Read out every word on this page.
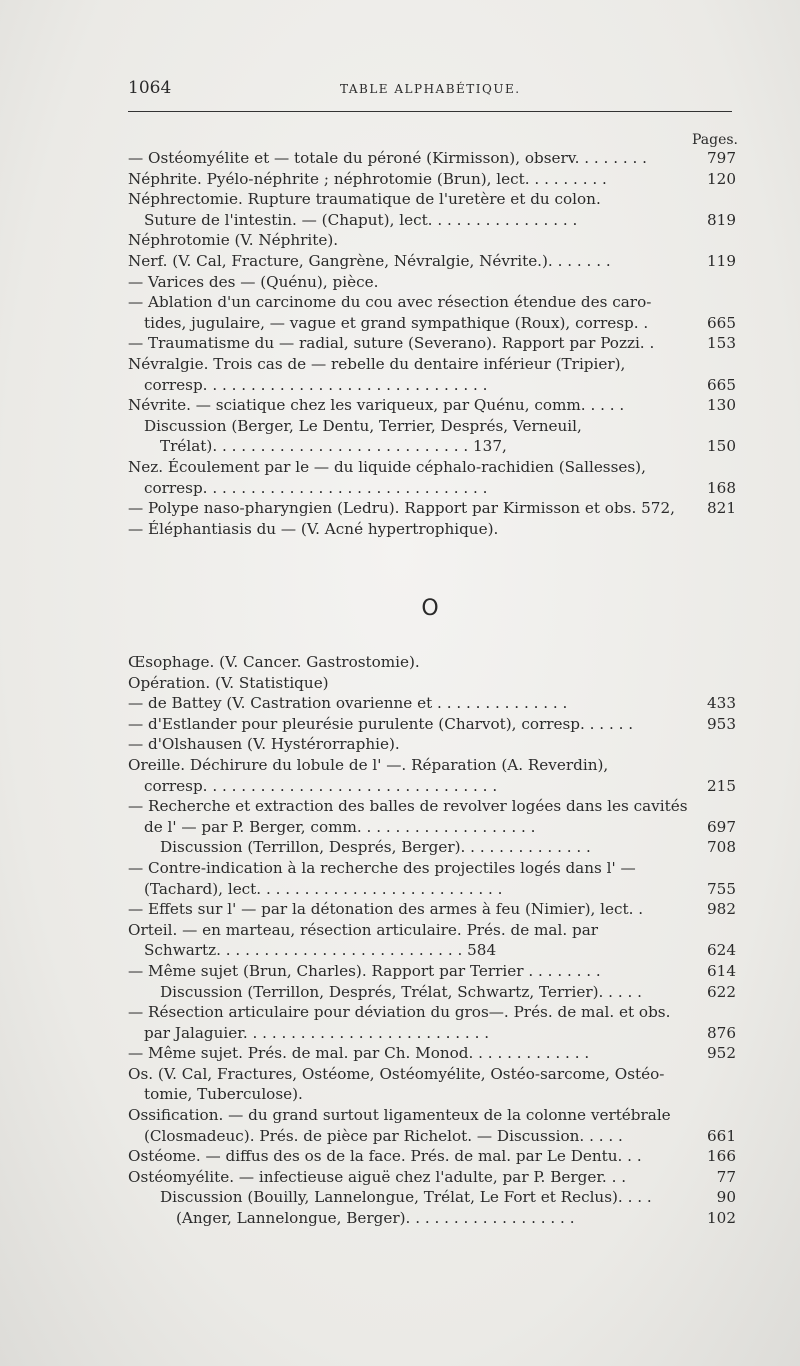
1064	TABLE ALPHABÉTIQUE.
Pages.
— Ostéomyélite et — totale du péroné (Kirmisson), observ. . . . . . . .	797
Néphrite. Pyélo-néphrite ; néphrotomie (Brun), lect. . . . . . . . .	120
Néphrectomie. Rupture traumatique de l'uretère et du colon.
Suture de l'intestin. — (Chaput), lect. . . . . . . . . . . . . . . .	819
Néphrotomie (V. Néphrite).
Nerf. (V. Cal, Fracture, Gangrène, Névralgie, Névrite.). . . . . . .	119
— Varices des — (Quénu), pièce.
— Ablation d'un carcinome du cou avec résection étendue des caro-
tides, jugulaire, — vague et grand sympathique (Roux), corresp. .	665
— Traumatisme du — radial, suture (Severano). Rapport par Pozzi. .	153
Névralgie. Trois cas de — rebelle du dentaire inférieur (Tripier),
corresp. . . . . . . . . . . . . . . . . . . . . . . . . . . . . .	665
Névrite. — sciatique chez les variqueux, par Quénu, comm. . . . .	130
Discussion (Berger, Le Dentu, Terrier, Després, Verneuil,
Trélat). . . . . . . . . . . . . . . . . . . . . . . . . . . 137,	150
Nez. Écoulement par le — du liquide céphalo-rachidien (Sallesses),
corresp. . . . . . . . . . . . . . . . . . . . . . . . . . . . . .	168
— Polype naso-pharyngien (Ledru). Rapport par Kirmisson et obs. 572, 821
— Éléphantiasis du — (V. Acné hypertrophique).
O
Œsophage. (V. Cancer. Gastrostomie).
Opération. (V. Statistique)
— de Battey (V. Castration ovarienne et . . . . . . . . . . . . . .	433
— d'Estlander pour pleurésie purulente (Charvot), corresp. . . . . .	953
— d'Olshausen (V. Hystérorraphie).
Oreille. Déchirure du lobule de l' —. Réparation (A. Reverdin),
corresp. . . . . . . . . . . . . . . . . . . . . . . . . . . . . . .	215
— Recherche et extraction des balles de revolver logées dans les cavités
de l' — par P. Berger, comm. . . . . . . . . . . . . . . . . . .	697
Discussion (Terrillon, Després, Berger). . . . . . . . . . . . . .	708
— Contre-indication à la recherche des projectiles logés dans l' —
(Tachard), lect. . . . . . . . . . . . . . . . . . . . . . . . . .	755
— Effets sur l' — par la détonation des armes à feu (Nimier), lect. .	982
Orteil. — en marteau, résection articulaire. Prés. de mal. par
Schwartz. . . . . . . . . . . . . . . . . . . . . . . . . . 584	624
— Même sujet (Brun, Charles). Rapport par Terrier . . . . . . . .	614
Discussion (Terrillon, Després, Trélat, Schwartz, Terrier). . . . .	622
— Résection articulaire pour déviation du gros—. Prés. de mal. et obs.
par Jalaguier. . . . . . . . . . . . . . . . . . . . . . . . . .	876
— Même sujet. Prés. de mal. par Ch. Monod. . . . . . . . . . . . .	952
Os. (V. Cal, Fractures, Ostéome, Ostéomyélite, Ostéo-sarcome, Ostéo-
tomie, Tuberculose).
Ossification. — du grand surtout ligamenteux de la colonne vertébrale
(Closmadeuc). Prés. de pièce par Richelot. — Discussion. . . . .	661
Ostéome. — diffus des os de la face. Prés. de mal. par Le Dentu. . .	166
Ostéomyélite. — infectieuse aiguë chez l'adulte, par P. Berger. . .	77
Discussion (Bouilly, Lannelongue, Trélat, Le Fort et Reclus). . . .	90
(Anger, Lannelongue, Berger). . . . . . . . . . . . . . . . . .	102
